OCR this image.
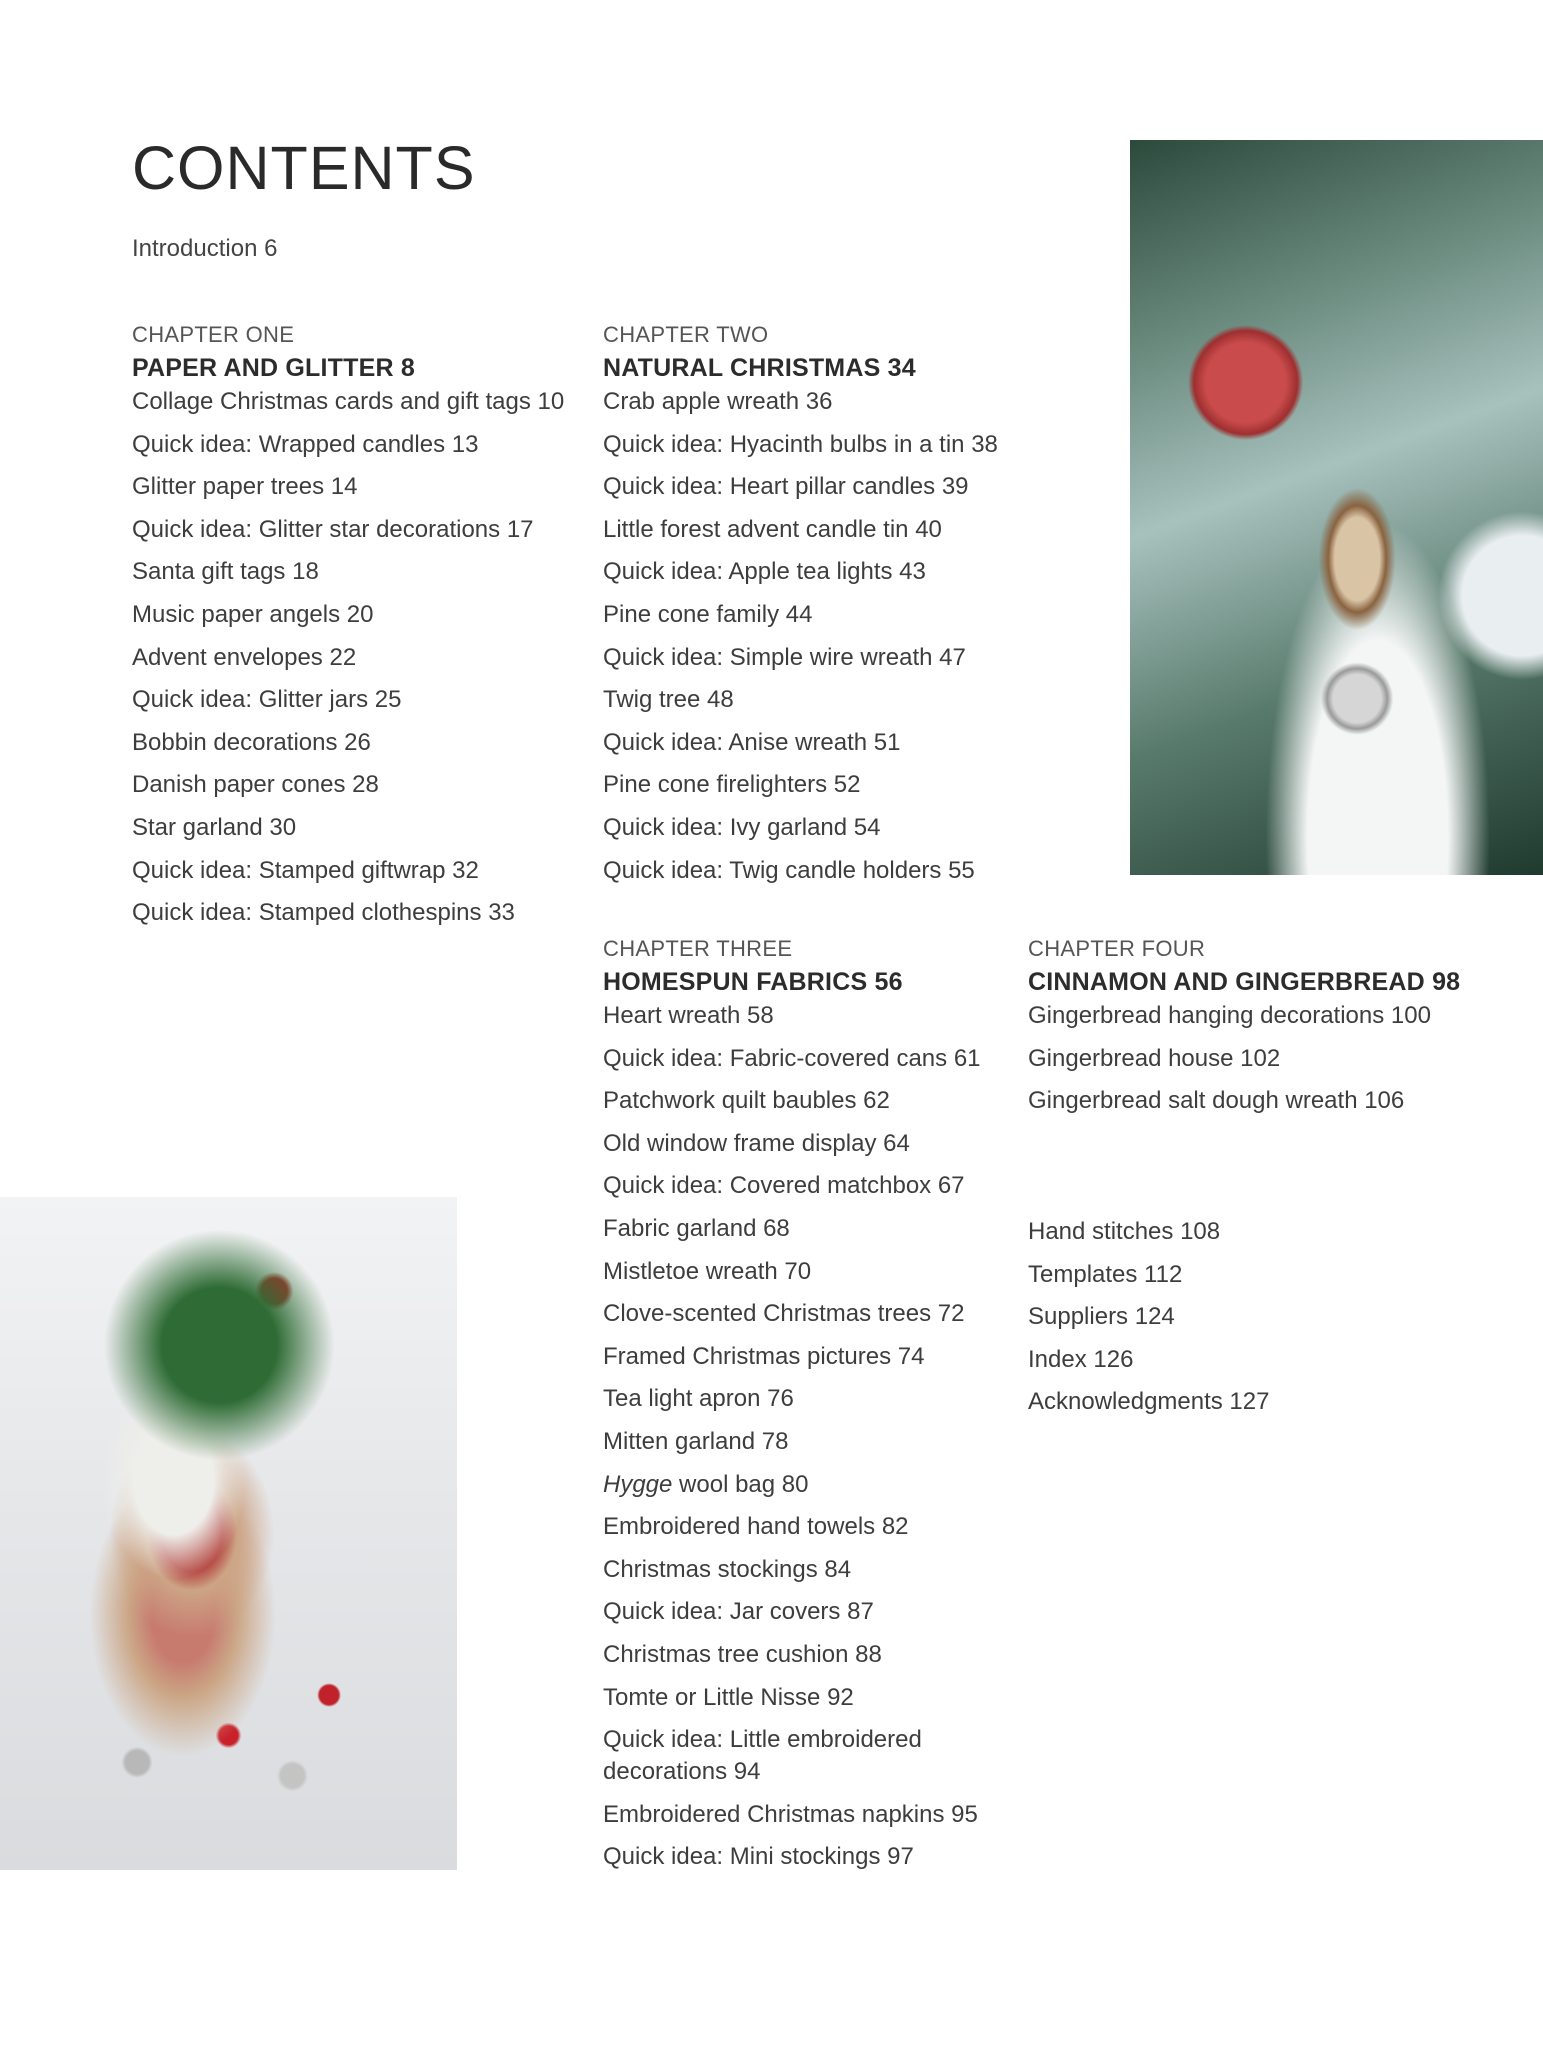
CONTENTS
Introduction 6
CHAPTER ONE
PAPER AND GLITTER 8
Collage Christmas cards and gift tags 10
Quick idea: Wrapped candles 13
Glitter paper trees 14
Quick idea: Glitter star decorations 17
Santa gift tags 18
Music paper angels 20
Advent envelopes 22
Quick idea: Glitter jars 25
Bobbin decorations 26
Danish paper cones 28
Star garland 30
Quick idea: Stamped giftwrap 32
Quick idea: Stamped clothespins 33
CHAPTER TWO
NATURAL CHRISTMAS 34
Crab apple wreath 36
Quick idea: Hyacinth bulbs in a tin 38
Quick idea: Heart pillar candles 39
Little forest advent candle tin 40
Quick idea: Apple tea lights 43
Pine cone family 44
Quick idea: Simple wire wreath 47
Twig tree 48
Quick idea: Anise wreath 51
Pine cone firelighters 52
Quick idea: Ivy garland 54
Quick idea: Twig candle holders 55
CHAPTER THREE
HOMESPUN FABRICS 56
Heart wreath 58
Quick idea: Fabric-covered cans 61
Patchwork quilt baubles 62
Old window frame display 64
Quick idea: Covered matchbox 67
Fabric garland 68
Mistletoe wreath 70
Clove-scented Christmas trees 72
Framed Christmas pictures 74
Tea light apron 76
Mitten garland 78
Hygge wool bag 80
Embroidered hand towels 82
Christmas stockings 84
Quick idea: Jar covers 87
Christmas tree cushion 88
Tomte or Little Nisse 92
Quick idea: Little embroidered decorations 94
Embroidered Christmas napkins 95
Quick idea: Mini stockings 97
CHAPTER FOUR
CINNAMON AND GINGERBREAD 98
Gingerbread hanging decorations 100
Gingerbread house 102
Gingerbread salt dough wreath 106
Hand stitches 108
Templates 112
Suppliers 124
Index 126
Acknowledgments 127
